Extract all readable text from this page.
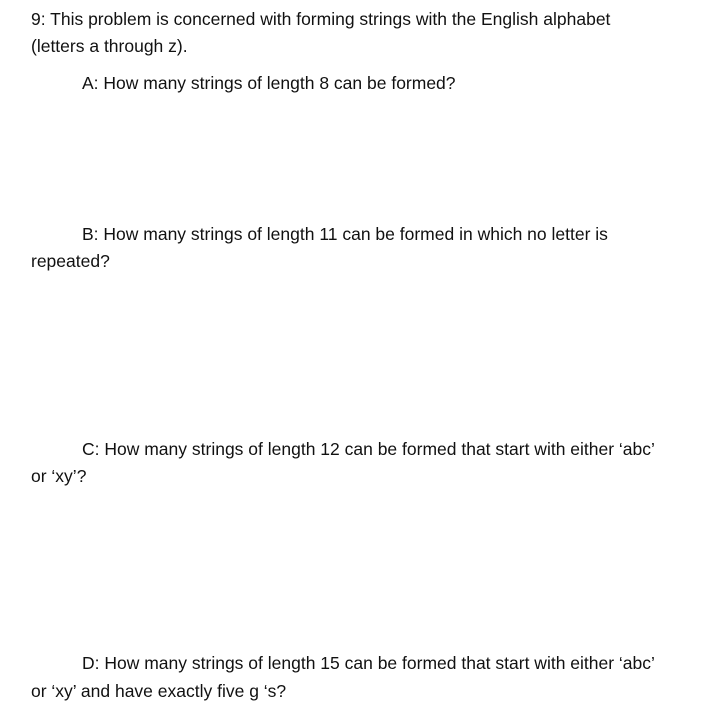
9: This problem is concerned with forming strings with the English alphabet
(letters a through z).
A: How many strings of length 8 can be formed?
B: How many strings of length 11 can be formed in which no letter is
repeated?
C: How many strings of length 12 can be formed that start with either ‘abc’
or ‘xy’?
D: How many strings of length 15 can be formed that start with either ‘abc’
or ‘xy’ and have exactly five g ‘s?
